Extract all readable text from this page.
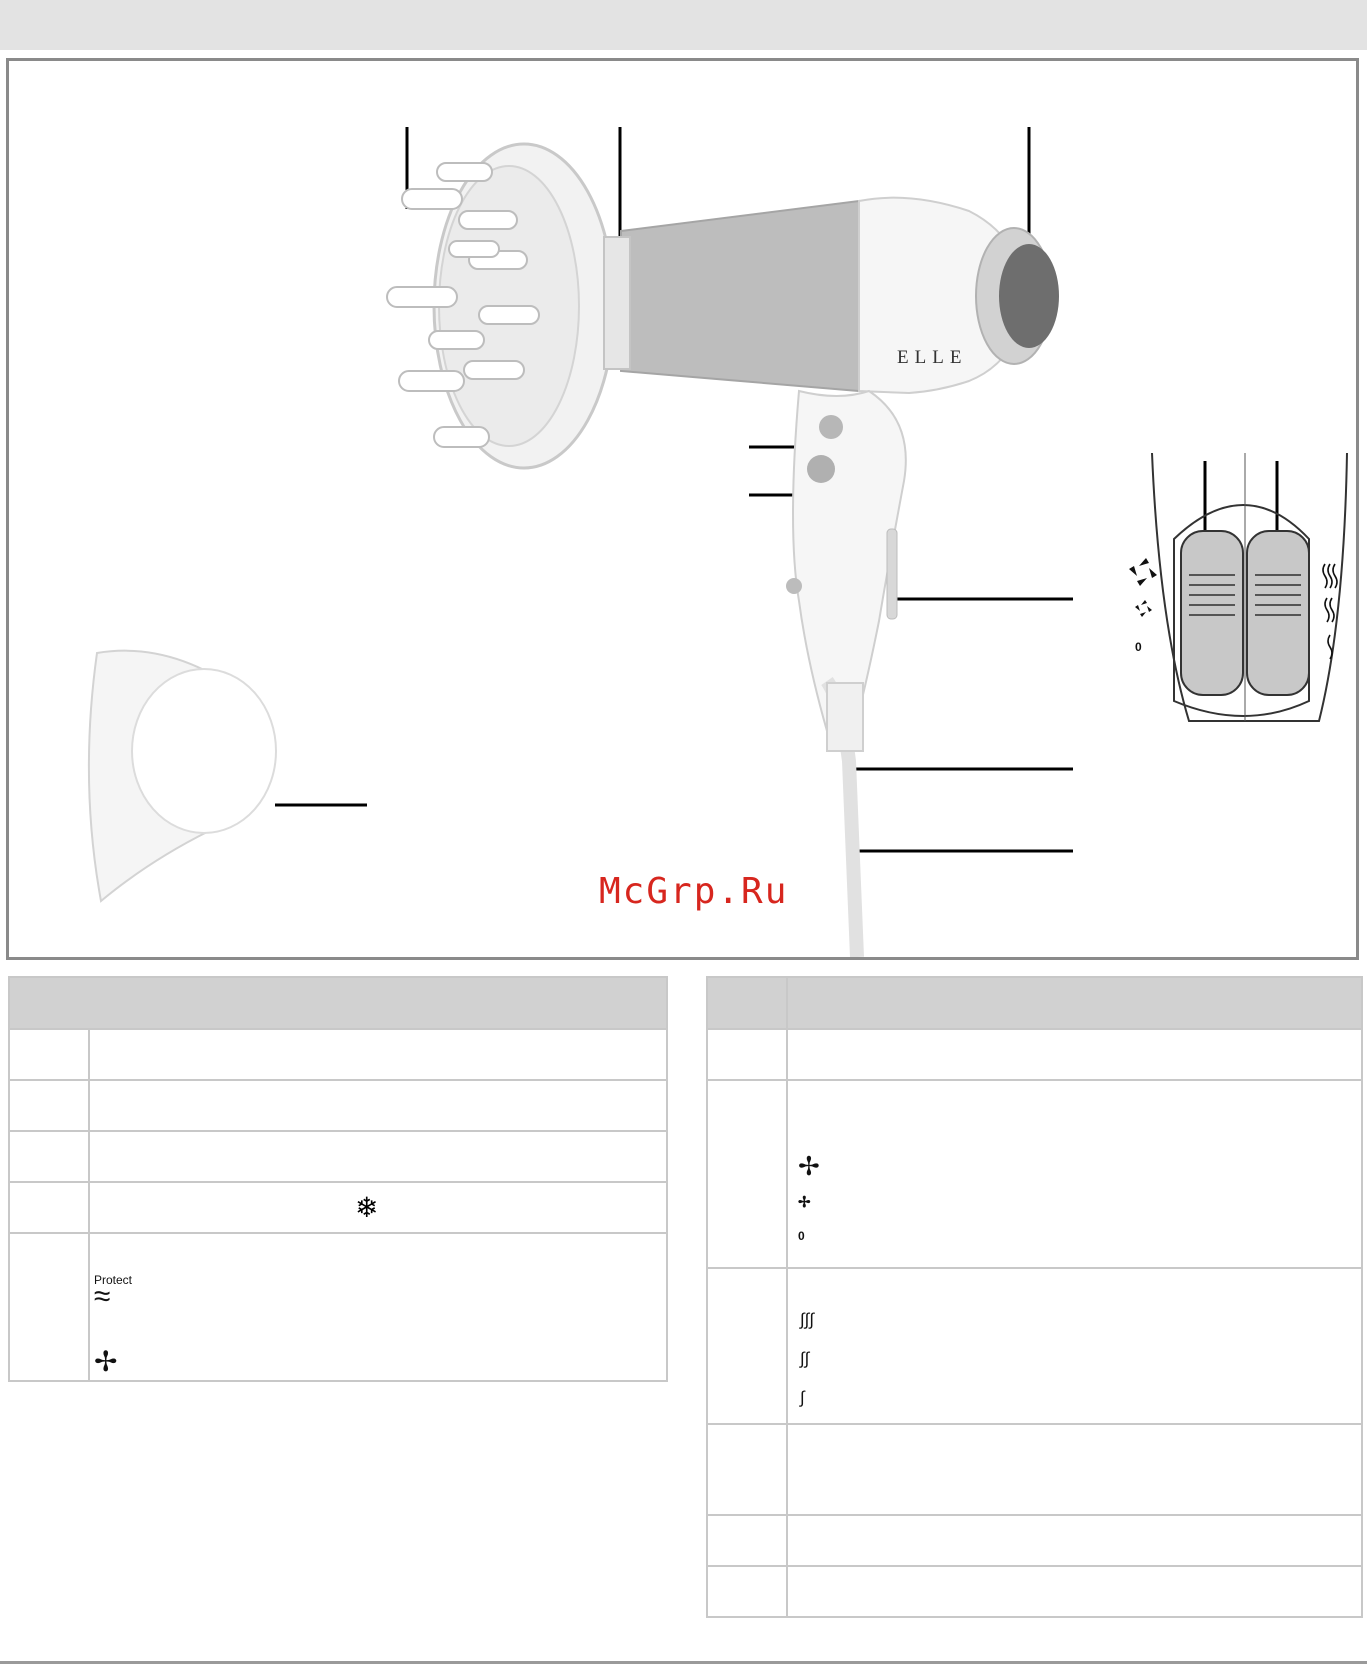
0
ELLE
McGrp.Ru

	❄

	Protect
≈
✢

	✢
✢
0

	∫∫∫
∫∫
∫
